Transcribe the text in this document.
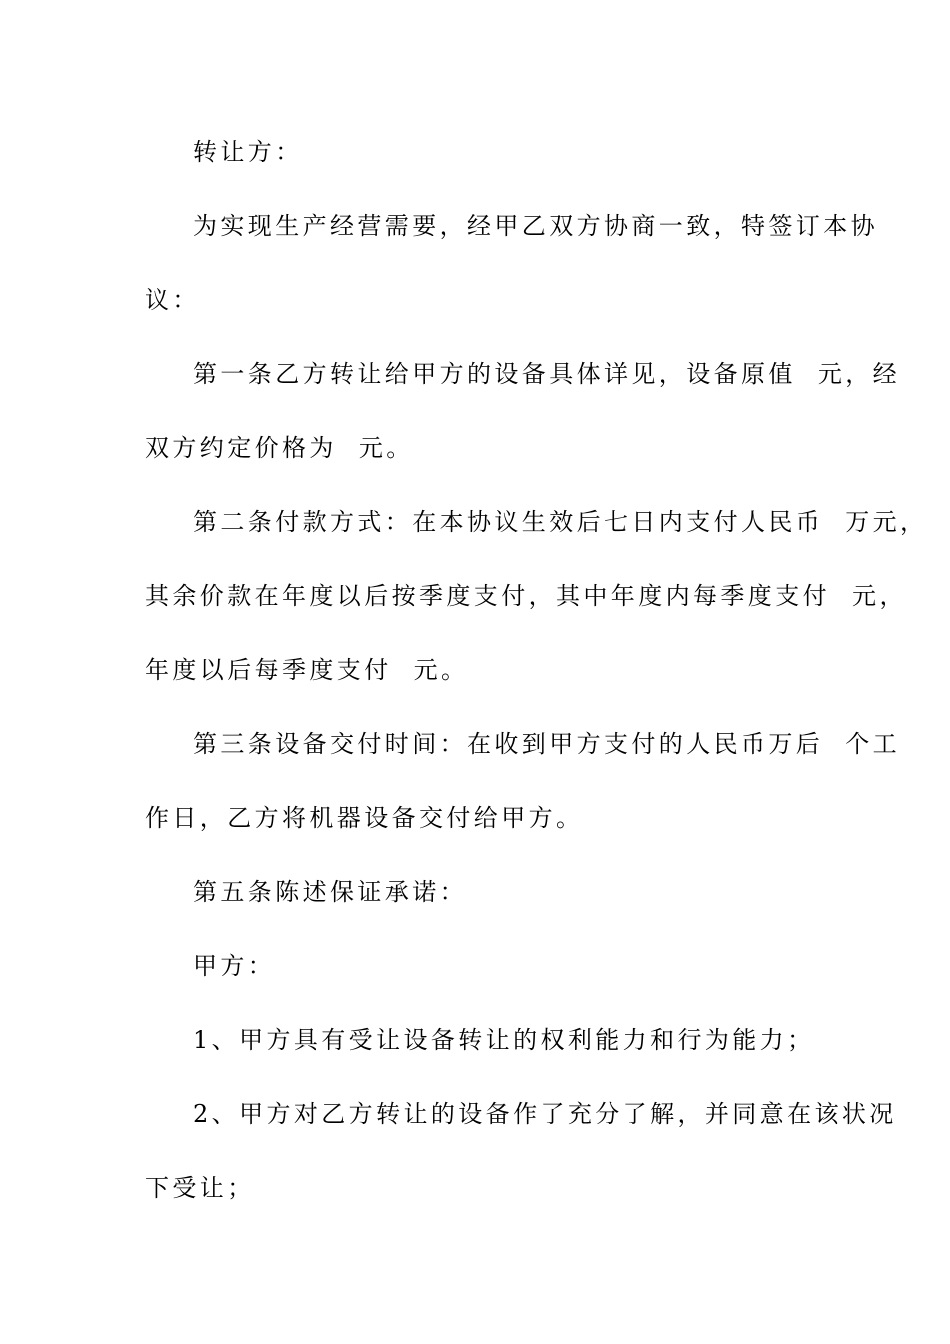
转让方：

为实现生产经营需要，经甲乙双方协商一致，特签订本协

议：

第一条乙方转让给甲方的设备具体详见，设备原值  元，经

双方约定价格为  元。

第二条付款方式：在本协议生效后七日内支付人民币  万元，

其余价款在年度以后按季度支付，其中年度内每季度支付  元，

年度以后每季度支付  元。

第三条设备交付时间：在收到甲方支付的人民币万后  个工

作日，乙方将机器设备交付给甲方。

第五条陈述保证承诺：

甲方：

1、甲方具有受让设备转让的权利能力和行为能力；

2、甲方对乙方转让的设备作了充分了解，并同意在该状况

下受让；
